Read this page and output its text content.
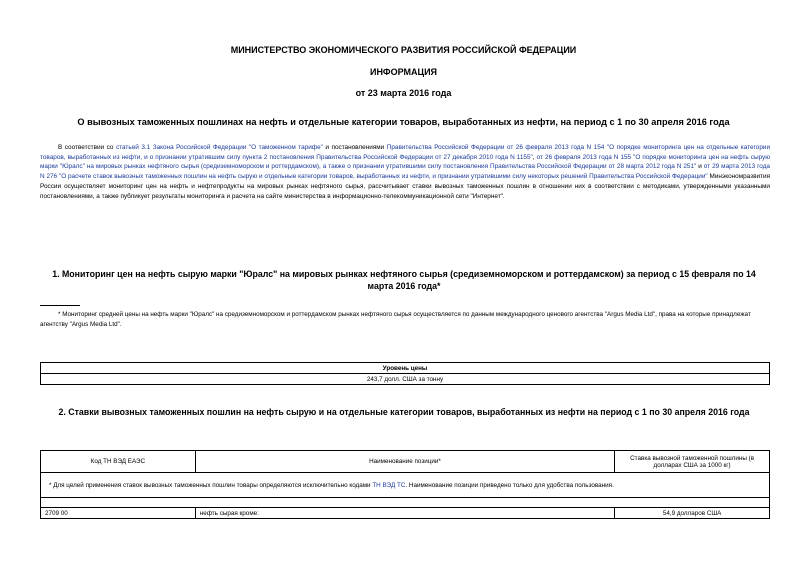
МИНИСТЕРСТВО ЭКОНОМИЧЕСКОГО РАЗВИТИЯ РОССИЙСКОЙ ФЕДЕРАЦИИ
ИНФОРМАЦИЯ
от 23 марта 2016 года
О вывозных таможенных пошлинах на нефть и отдельные категории товаров, выработанных из нефти, на период с 1 по 30 апреля 2016 года
В соответствии со статьей 3.1 Закона Российской Федерации "О таможенном тарифе" и постановлениями Правительства Российской Федерации от 26 февраля 2013 года N 154 "О порядке мониторинга цен на отдельные категории товаров, выработанных из нефти, и о признании утратившим силу пункта 2 постановления Правительства Российской Федерации от 27 декабря 2010 года N 1155", от 26 февраля 2013 года N 155 "О порядке мониторинга цен на нефть сырую марки "Юралс" на мировых рынках нефтяного сырья (средиземноморском и роттердамском), а также о признании утратившими силу постановления Правительства Российской Федерации от 28 марта 2012 года N 251" и от 29 марта 2013 года N 276 "О расчете ставок вывозных таможенных пошлин на нефть сырую и отдельные категории товаров, выработанных из нефти, и признании утратившими силу некоторых решений Правительства Российской Федерации" Минэкономразвития России осуществляет мониторинг цен на нефть и нефтепродукты на мировых рынках нефтяного сырья, рассчитывает ставки вывозных таможенных пошлин в отношении них в соответствии с методиками, утвержденными указанными постановлениями, а также публикует результаты мониторинга и расчета на сайте министерства в информационно-телекоммуникационной сети "Интернет".
1. Мониторинг цен на нефть сырую марки "Юралс" на мировых рынках нефтяного сырья (средиземноморском и роттердамском) за период с 15 февраля по 14 марта 2016 года*
* Мониторинг средней цены на нефть марки "Юралс" на средиземноморском и роттердамском рынках нефтяного сырья осуществляется по данным международного ценового агентства "Argus Media Ltd", права на которые принадлежат агентству "Argus Media Ltd".
Уровень цены
243,7 долл. США за тонну
2. Ставки вывозных таможенных пошлин на нефть сырую и на отдельные категории товаров, выработанных из нефти на период с 1 по 30 апреля 2016 года
Код ТН ВЭД ЕАЭС	Наименование позиции*	Ставка вывозной таможенной пошлины (в долларах США за 1000 кг)
* Для целей применения ставок вывозных таможенных пошлин товары определяются исключительно кодами ТН ВЭД ТС. Наименование позиции приведено только для удобства пользования.		

2709 00	нефть сырая кроме:	54,9 долларов США
